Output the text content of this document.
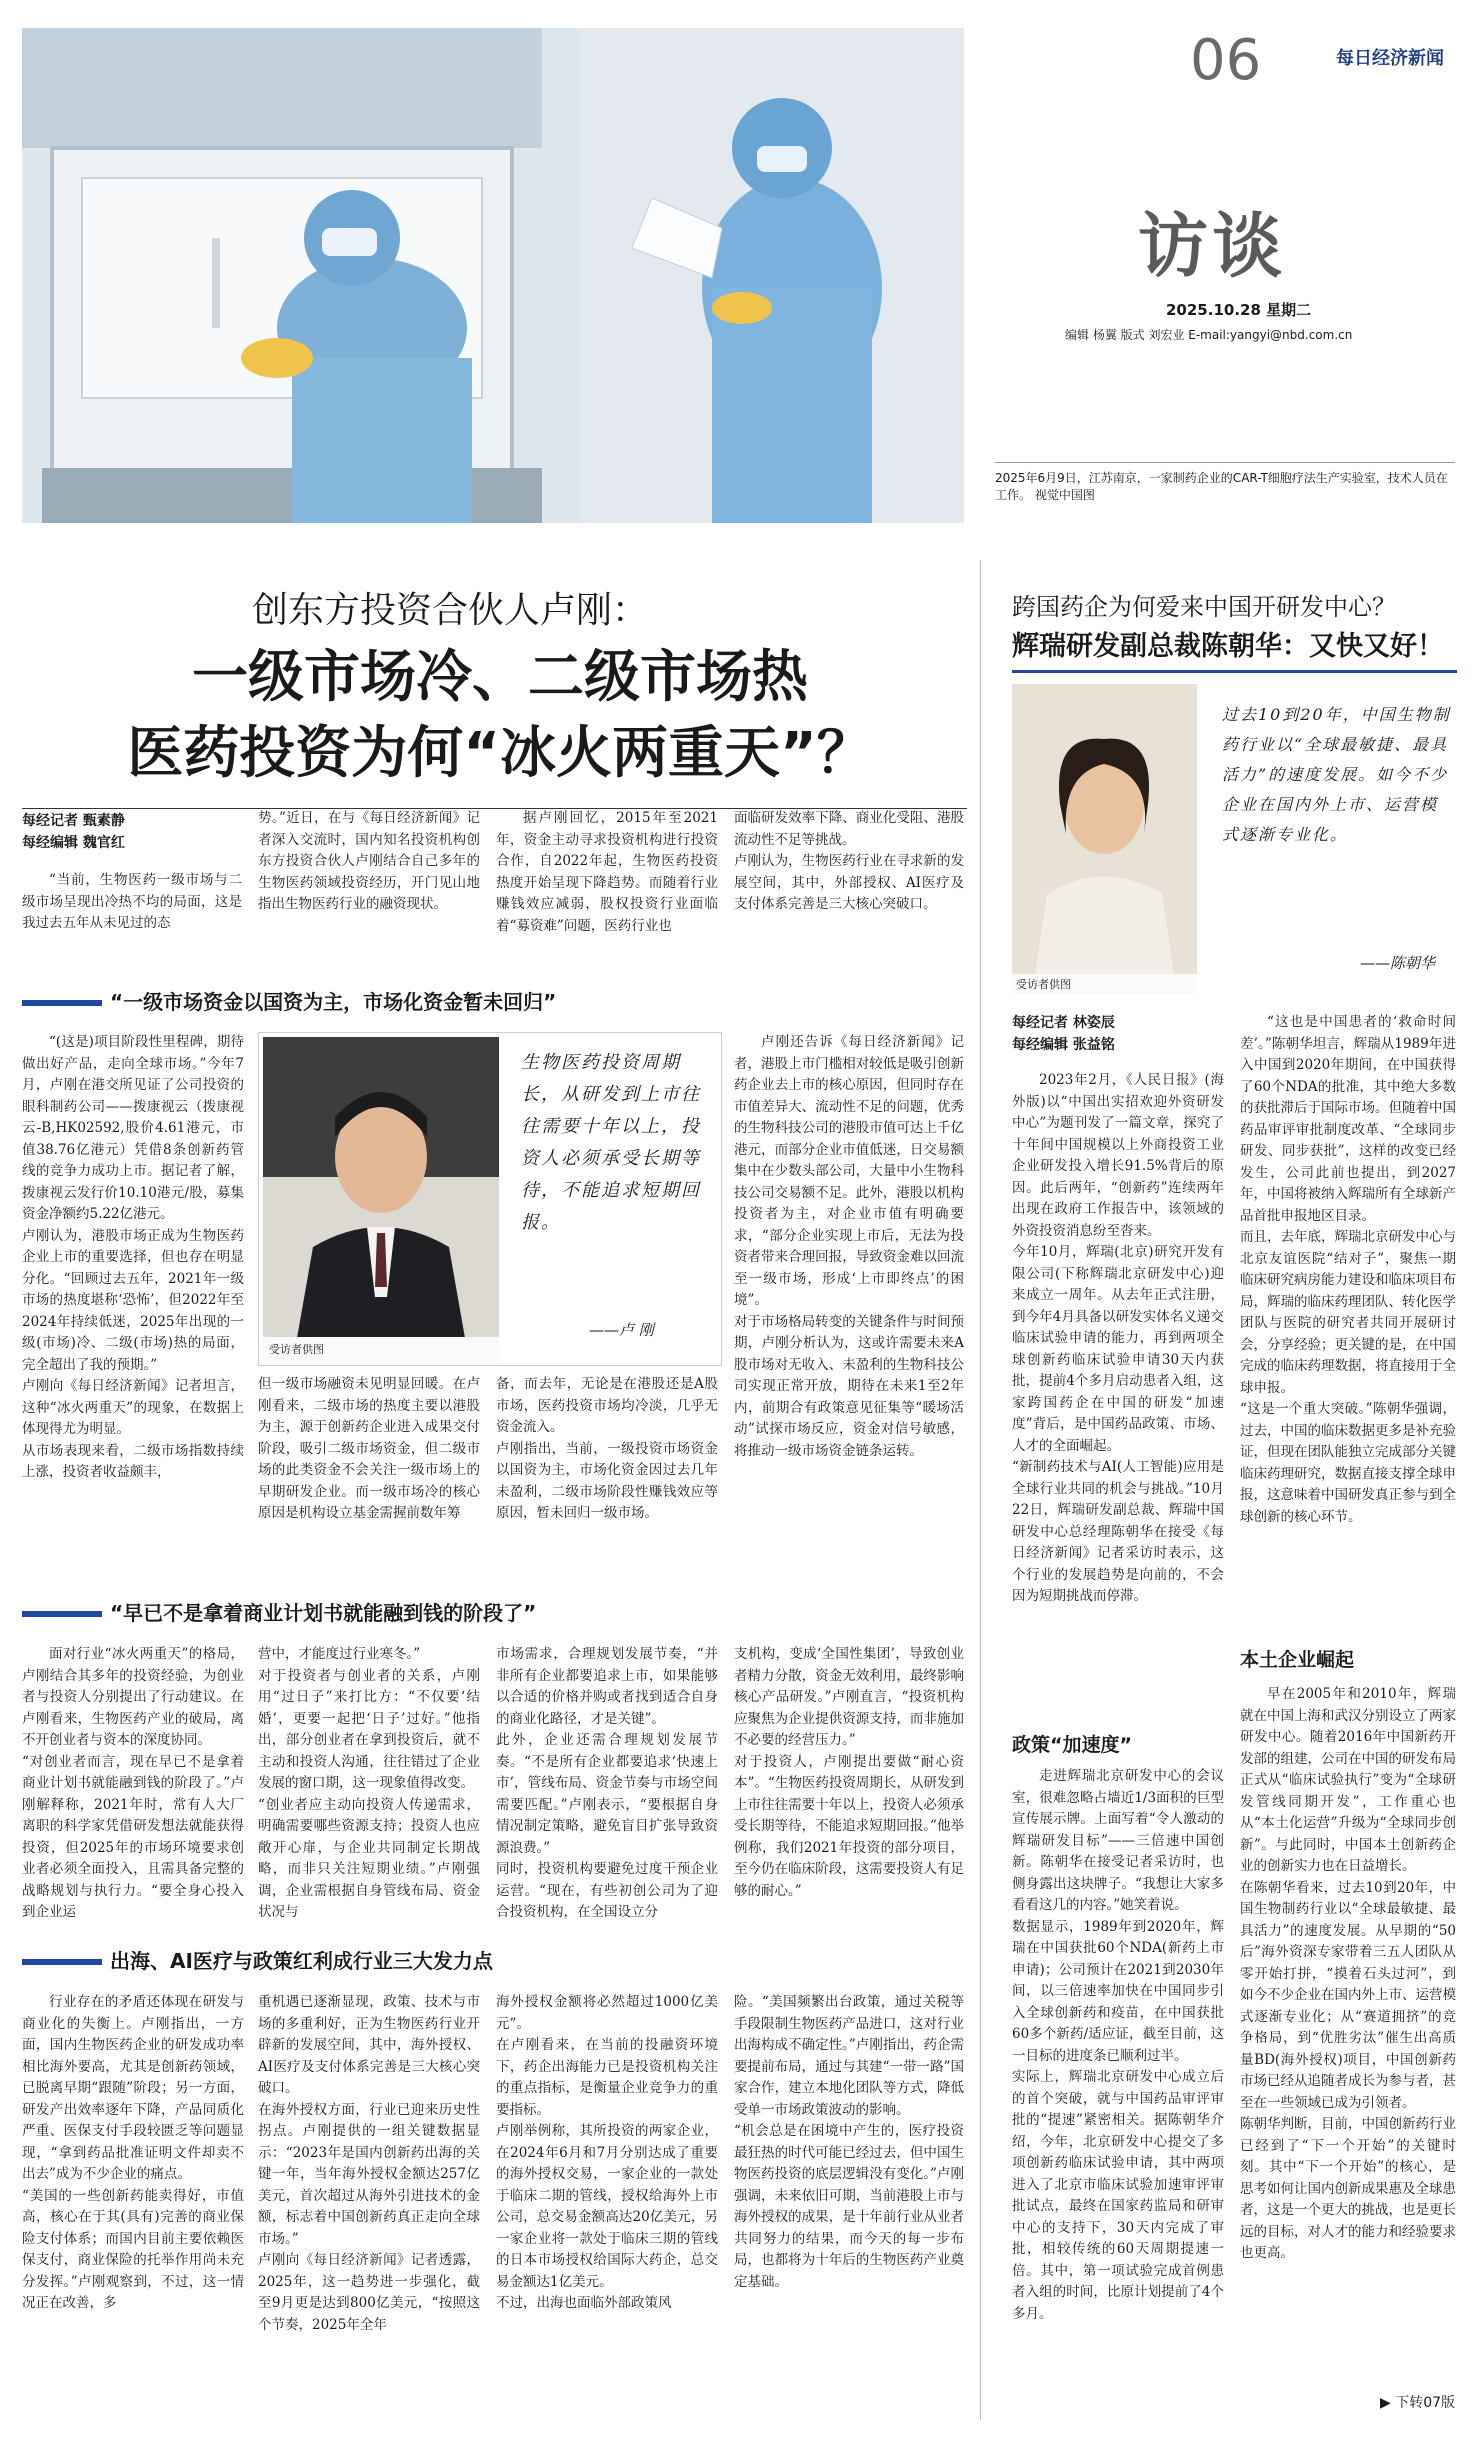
06	每日经济新闻
访谈
2025.10.28 星期二
编辑 杨翼 版式 刘宏业 E-mail:yangyi@nbd.com.cn
2025年6月9日，江苏南京，一家制药企业的CAR-T细胞疗法生产实验室，技术人员在工作。 视觉中国图
创东方投资合伙人卢刚：
一级市场冷、二级市场热
医药投资为何“冰火两重天”？
每经记者 甄素静
每经编辑 魏官红
“当前，生物医药一级市场与二级市场呈现出冷热不均的局面，这是我过去五年从未见过的态
势。”近日，在与《每日经济新闻》记者深入交流时，国内知名投资机构创东方投资合伙人卢刚结合自己多年的生物医药领域投资经历，开门见山地指出生物医药行业的融资现状。
据卢刚回忆，2015年至2021年，资金主动寻求投资机构进行投资合作，自2022年起，生物医药投资热度开始呈现下降趋势。而随着行业赚钱效应减弱，股权投资行业面临着“募资难”问题，医药行业也
面临研发效率下降、商业化受阻、港股流动性不足等挑战。
卢刚认为，生物医药行业在寻求新的发展空间，其中，外部授权、AI医疗及支付体系完善是三大核心突破口。
“一级市场资金以国资为主，市场化资金暂未回归”
“(这是)项目阶段性里程碑，期待做出好产品，走向全球市场。”今年7月，卢刚在港交所见证了公司投资的眼科制药公司——拨康视云（拨康视云-B,HK02592,股价4.61港元，市值38.76亿港元）凭借8条创新药管线的竞争力成功上市。据记者了解，拨康视云发行价10.10港元/股，募集资金净额约5.22亿港元。
卢刚认为，港股市场正成为生物医药企业上市的重要选择，但也存在明显分化。“回顾过去五年，2021年一级市场的热度堪称‘恐怖’，但2022年至2024年持续低迷，2025年出现的一级(市场)冷、二级(市场)热的局面，完全超出了我的预期。”
卢刚向《每日经济新闻》记者坦言，这种“冰火两重天”的现象，在数据上体现得尤为明显。
从市场表现来看，二级市场指数持续上涨，投资者收益颇丰，
受访者供图
生物医药投资周期长，从研发到上市往往需要十年以上，投资人必须承受长期等待，不能追求短期回报。
——卢 刚
但一级市场融资未见明显回暖。在卢刚看来，二级市场的热度主要以港股为主，源于创新药企业进入成果交付阶段，吸引二级市场资金，但二级市场的此类资金不会关注一级市场上的早期研发企业。而一级市场冷的核心原因是机构设立基金需握前数年筹
备，而去年，无论是在港股还是A股市场，医药投资市场均冷淡，几乎无资金流入。
卢刚指出，当前，一级投资市场资金以国资为主，市场化资金因过去几年未盈利，二级市场阶段性赚钱效应等原因，暂未回归一级市场。
卢刚还告诉《每日经济新闻》记者，港股上市门槛相对较低是吸引创新药企业去上市的核心原因，但同时存在市值差异大、流动性不足的问题，优秀的生物科技公司的港股市值可达上千亿港元，而部分企业市值低迷，日交易额集中在少数头部公司，大量中小生物科技公司交易额不足。此外，港股以机构投资者为主，对企业市值有明确要求，“部分企业实现上市后，无法为投资者带来合理回报，导致资金难以回流至一级市场，形成‘上市即终点’的困境”。
对于市场格局转变的关键条件与时间预期，卢刚分析认为，这或许需要未来A股市场对无收入、未盈利的生物科技公司实现正常开放，期待在未来1至2年内，前期合有政策意见征集等“暖场活动”试探市场反应，资金对信号敏感，将推动一级市场资金链条运转。
“早已不是拿着商业计划书就能融到钱的阶段了”
面对行业“冰火两重天”的格局，卢刚结合其多年的投资经验，为创业者与投资人分别提出了行动建议。在卢刚看来，生物医药产业的破局，离不开创业者与资本的深度协同。
“对创业者而言，现在早已不是拿着商业计划书就能融到钱的阶段了。”卢刚解释称，2021年时，常有人大厂离职的科学家凭借研发想法就能获得投资，但2025年的市场环境要求创业者必须全面投入，且需具备完整的战略规划与执行力。“要全身心投入到企业运
营中，才能度过行业寒冬。”
对于投资者与创业者的关系，卢刚用“过日子”来打比方：“不仅要‘结婚’，更要一起把‘日子’过好。”他指出，部分创业者在拿到投资后，就不主动和投资人沟通，往往错过了企业发展的窗口期，这一现象值得改变。
“创业者应主动向投资人传递需求，明确需要哪些资源支持；投资人也应敞开心扉，与企业共同制定长期战略，而非只关注短期业绩。”卢刚强调，企业需根据自身管线布局、资金状况与
市场需求，合理规划发展节奏，“并非所有企业都要追求上市，如果能够以合适的价格并购或者找到适合自身的商业化路径，才是关键”。
此外，企业还需合理规划发展节奏。“不是所有企业都要追求‘快速上市’，管线布局、资金节奏与市场空间需要匹配。”卢刚表示，“要根据自身情况制定策略，避免盲目扩张导致资源浪费。”
同时，投资机构要避免过度干预企业运营。“现在，有些初创公司为了迎合投资机构，在全国设立分
支机构，变成‘全国性集团’，导致创业者精力分散，资金无效利用，最终影响核心产品研发。”卢刚直言，“投资机构应聚焦为企业提供资源支持，而非施加不必要的经营压力。”
对于投资人，卢刚提出要做“耐心资本”。“生物医药投资周期长，从研发到上市往往需要十年以上，投资人必须承受长期等待，不能追求短期回报。”他举例称，我们2021年投资的部分项目，至今仍在临床阶段，这需要投资人有足够的耐心。”
出海、AI医疗与政策红利成行业三大发力点
行业存在的矛盾还体现在研发与商业化的失衡上。卢刚指出，一方面，国内生物医药企业的研发成功率相比海外要高，尤其是创新药领域，已脱离早期“跟随”阶段；另一方面，研发产出效率逐年下降，产品同质化严重、医保支付手段较匮乏等问题显现，“拿到药品批准证明文件却卖不出去”成为不少企业的痛点。
“美国的一些创新药能卖得好，市值高，核心在于其(具有)完善的商业保险支付体系；而国内目前主要依赖医保支付，商业保险的托举作用尚未充分发挥。”卢刚观察到，不过，这一情况正在改善，多
重机遇已逐渐显现，政策、技术与市场的多重利好，正为生物医药行业开辟新的发展空间，其中，海外授权、AI医疗及支付体系完善是三大核心突破口。
在海外授权方面，行业已迎来历史性拐点。卢刚提供的一组关键数据显示：“2023年是国内创新药出海的关键一年，当年海外授权金额达257亿美元，首次超过从海外引进技术的金额，标志着中国创新药真正走向全球市场。”
卢刚向《每日经济新闻》记者透露，2025年，这一趋势进一步强化，截至9月更是达到800亿美元，“按照这个节奏，2025年全年
海外授权金额将必然超过1000亿美元”。
在卢刚看来，在当前的投融资环境下，药企出海能力已是投资机构关注的重点指标，是衡量企业竞争力的重要指标。
卢刚举例称，其所投资的两家企业，在2024年6月和7月分别达成了重要的海外授权交易，一家企业的一款处于临床二期的管线，授权给海外上市公司，总交易金额高达20亿美元，另一家企业将一款处于临床三期的管线的日本市场授权给国际大药企，总交易金额达1亿美元。
不过，出海也面临外部政策风
险。“美国频繁出台政策，通过关税等手段限制生物医药产品进口，这对行业出海构成不确定性。”卢刚指出，药企需要提前布局，通过与其建“一带一路”国家合作，建立本地化团队等方式，降低受单一市场政策波动的影响。
“机会总是在困境中产生的，医疗投资最狂热的时代可能已经过去，但中国生物医药投资的底层逻辑没有变化。”卢刚强调，未来依旧可期，当前港股上市与海外授权的成果，是十年前行业从业者共同努力的结果，而今天的每一步布局，也都将为十年后的生物医药产业奠定基础。
跨国药企为何爱来中国开研发中心？
辉瑞研发副总裁陈朝华：又快又好！
受访者供图
过去10到20年，中国生物制药行业以“全球最敏捷、最具活力”的速度发展。如今不少企业在国内外上市、运营模式逐渐专业化。
——陈朝华
每经记者 林姿辰
每经编辑 张益铭
2023年2月，《人民日报》(海外版)以“中国出实招欢迎外资研发中心”为题刊发了一篇文章，探究了十年间中国规模以上外商投资工业企业研发投入增长91.5%背后的原因。此后两年，“创新药”连续两年出现在政府工作报告中，该领域的外资投资消息纷至沓来。
今年10月，辉瑞(北京)研究开发有限公司(下称辉瑞北京研发中心)迎来成立一周年。从去年正式注册，到今年4月具备以研发实体名义递交临床试验申请的能力，再到两项全球创新药临床试验申请30天内获批，提前4个多月启动患者入组，这家跨国药企在中国的研发“加速度”背后，是中国药品政策、市场、人才的全面崛起。
“新制药技术与AI(人工智能)应用是全球行业共同的机会与挑战。”10月22日，辉瑞研发副总裁、辉瑞中国研发中心总经理陈朝华在接受《每日经济新闻》记者采访时表示，这个行业的发展趋势是向前的，不会因为短期挑战而停滞。
政策“加速度”
走进辉瑞北京研发中心的会议室，很难忽略占墙近1/3面积的巨型宣传展示牌。上面写着“令人激动的辉瑞研发目标”——三倍速中国创新。陈朝华在接受记者采访时，也侧身露出这块牌子。“我想让大家多看看这几的内容。”她笑着说。
数据显示，1989年到2020年，辉瑞在中国获批60个NDA(新药上市申请)；公司预计在2021到2030年间，以三倍速率加快在中国同步引入全球创新药和疫苗，在中国获批60多个新药/适应证，截至目前，这一目标的进度条已顺利过半。
实际上，辉瑞北京研发中心成立后的首个突破，就与中国药品审评审批的“提速”紧密相关。据陈朝华介绍，今年，北京研发中心提交了多项创新药临床试验申请，其中两项进入了北京市临床试验加速审评审批试点，最终在国家药监局和研审中心的支持下，30天内完成了审批，相较传统的60天周期提速一倍。其中，第一项试验完成首例患者入组的时间，比原计划提前了4个多月。
“这也是中国患者的‘救命时间差’。”陈朝华坦言，辉瑞从1989年进入中国到2020年期间，在中国获得了60个NDA的批准，其中绝大多数的获批滞后于国际市场。但随着中国药品审评审批制度改革、“全球同步研发、同步获批”，这样的改变已经发生，公司此前也提出，到2027年，中国将被纳入辉瑞所有全球新产品首批申报地区目录。
而且，去年底，辉瑞北京研发中心与北京友谊医院“结对子”，聚焦一期临床研究病房能力建设和临床项目布局，辉瑞的临床药理团队、转化医学团队与医院的研究者共同开展研讨会，分享经验；更关键的是，在中国完成的临床药理数据，将直接用于全球申报。
“这是一个重大突破。”陈朝华强调，过去，中国的临床数据更多是补充验证，但现在团队能独立完成部分关键临床药理研究，数据直接支撑全球申报，这意味着中国研发真正参与到全球创新的核心环节。
本土企业崛起
早在2005年和2010年，辉瑞就在中国上海和武汉分别设立了两家研发中心。随着2016年中国新药开发部的组建，公司在中国的研发布局正式从“临床试验执行”变为“全球研发管线同期开发”，工作重心也从“本土化运营”升级为“全球同步创新”。与此同时，中国本土创新药企业的创新实力也在日益增长。
在陈朝华看来，过去10到20年，中国生物制药行业以“全球最敏捷、最具活力”的速度发展。从早期的“50后”海外资深专家带着三五人团队从零开始打拼，“摸着石头过河”，到如今不少企业在国内外上市、运营模式逐渐专业化；从“赛道拥挤”的竞争格局，到“优胜劣汰”催生出高质量BD(海外授权)项目，中国创新药市场已经从追随者成长为参与者，甚至在一些领域已成为引领者。
陈朝华判断，目前，中国创新药行业已经到了“下一个开始”的关键时刻。其中“下一个开始”的核心，是思考如何让国内创新成果惠及全球患者，这是一个更大的挑战，也是更长远的目标，对人才的能力和经验要求也更高。
▶ 下转07版
